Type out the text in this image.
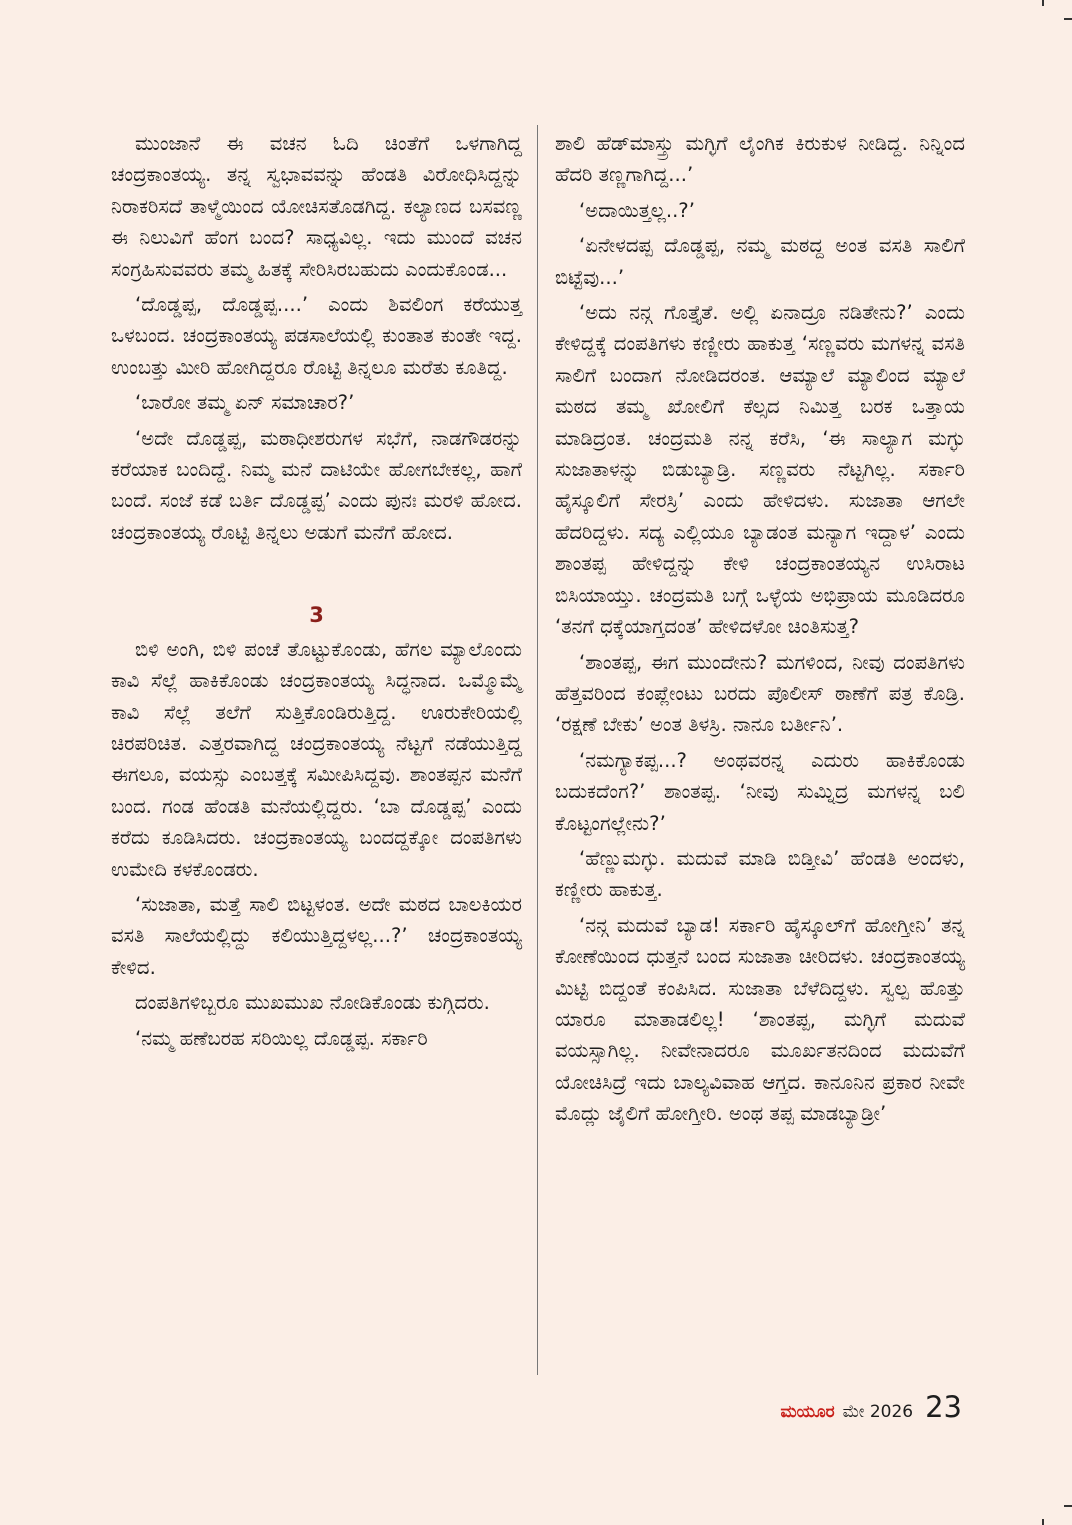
ಮುಂಜಾನೆ ಈ ವಚನ ಓದಿ ಚಿಂತೆಗೆ ಒಳಗಾಗಿದ್ದ ಚಂದ್ರಕಾಂತಯ್ಯ. ತನ್ನ ಸ್ವಭಾವವನ್ನು ಹೆಂಡತಿ ವಿರೋಧಿಸಿದ್ದನ್ನು ನಿರಾಕರಿಸದೆ ತಾಳ್ಮೆಯಿಂದ ಯೋಚಿಸತೊಡಗಿದ್ದ. ಕಲ್ಯಾಣದ ಬಸವಣ್ಣ ಈ ನಿಲುವಿಗೆ ಹೆಂಗ ಬಂದ? ಸಾಧ್ಯವಿಲ್ಲ. ಇದು ಮುಂದೆ ವಚನ ಸಂಗ್ರಹಿಸುವವರು ತಮ್ಮ ಹಿತಕ್ಕೆ ಸೇರಿಸಿರಬಹುದು ಎಂದುಕೊಂಡ...

‘ದೊಡ್ಡಪ್ಪ, ದೊಡ್ಡಪ್ಪ....’ ಎಂದು ಶಿವಲಿಂಗ ಕರೆಯುತ್ತ ಒಳಬಂದ. ಚಂದ್ರಕಾಂತಯ್ಯ ಪಡಸಾಲೆಯಲ್ಲಿ ಕುಂತಾತ ಕುಂತೇ ಇದ್ದ. ಉಂಬತ್ತು ಮೀರಿ ಹೋಗಿದ್ದರೂ ರೊಟ್ಟಿ ತಿನ್ನಲೂ ಮರೆತು ಕೂತಿದ್ದ.

‘ಬಾರೋ ತಮ್ಮ ಏನ್ ಸಮಾಚಾರ?’

‘ಅದೇ ದೊಡ್ಡಪ್ಪ, ಮಠಾಧೀಶರುಗಳ ಸಭೆಗೆ, ನಾಡಗೌಡರನ್ನು ಕರೆಯಾಕ ಬಂದಿದ್ದೆ. ನಿಮ್ಮ ಮನೆ ದಾಟಿಯೇ ಹೋಗಬೇಕಲ್ಲ, ಹಾಗೆ ಬಂದೆ. ಸಂಜೆ ಕಡೆ ಬರ್ತಿ ದೊಡ್ಡಪ್ಪ’ ಎಂದು ಪುನಃ ಮರಳಿ ಹೋದ. ಚಂದ್ರಕಾಂತಯ್ಯ ರೊಟ್ಟಿ ತಿನ್ನಲು ಅಡುಗೆ ಮನೆಗೆ ಹೋದ.

3

ಬಿಳಿ ಅಂಗಿ, ಬಿಳಿ ಪಂಚೆ ತೊಟ್ಟುಕೊಂಡು, ಹೆಗಲ ಮ್ಯಾಲೊಂದು ಕಾವಿ ಸೆಲ್ಲೆ ಹಾಕಿಕೊಂಡು ಚಂದ್ರಕಾಂತಯ್ಯ ಸಿದ್ಧನಾದ. ಒಮ್ಮೊಮ್ಮೆ ಕಾವಿ ಸೆಲ್ಲೆ ತಲೆಗೆ ಸುತ್ತಿಕೊಂಡಿರುತ್ತಿದ್ದ. ಊರುಕೇರಿಯಲ್ಲಿ ಚಿರಪರಿಚಿತ. ಎತ್ತರವಾಗಿದ್ದ ಚಂದ್ರಕಾಂತಯ್ಯ ನೆಟ್ಟಗೆ ನಡೆಯುತ್ತಿದ್ದ ಈಗಲೂ, ವಯಸ್ಸು ಎಂಬತ್ತಕ್ಕೆ ಸಮೀಪಿಸಿದ್ದವು. ಶಾಂತಪ್ಪನ ಮನೆಗೆ ಬಂದ. ಗಂಡ ಹೆಂಡತಿ ಮನೆಯಲ್ಲಿದ್ದರು. ‘ಬಾ ದೊಡ್ಡಪ್ಪ’ ಎಂದು ಕರೆದು ಕೂಡಿಸಿದರು. ಚಂದ್ರಕಾಂತಯ್ಯ ಬಂದದ್ದಕ್ಕೋ ದಂಪತಿಗಳು ಉಮೇದಿ ಕಳಕೊಂಡರು.

‘ಸುಜಾತಾ, ಮತ್ತೆ ಸಾಲಿ ಬಿಟ್ಟಳಂತ. ಅದೇ ಮಠದ ಬಾಲಕಿಯರ ವಸತಿ ಸಾಲೆಯಲ್ಲಿದ್ದು ಕಲಿಯುತ್ತಿದ್ದಳಲ್ಲ...?’ ಚಂದ್ರಕಾಂತಯ್ಯ ಕೇಳಿದ.

ದಂಪತಿಗಳಿಬ್ಬರೂ ಮುಖಮುಖ ನೋಡಿಕೊಂಡು ಕುಗ್ಗಿದರು.

‘ನಮ್ಮ ಹಣೆಬರಹ ಸರಿಯಿಲ್ಲ ದೊಡ್ಡಪ್ಪ. ಸರ್ಕಾರಿ

ಶಾಲಿ ಹೆಡ್‌ಮಾಸ್ತ್ರು ಮಗ್ಳಿಗೆ ಲೈಂಗಿಕ ಕಿರುಕುಳ ನೀಡಿದ್ದ. ನಿನ್ನಿಂದ ಹೆದರಿ ತಣ್ಣಗಾಗಿದ್ದ...’

‘ಅದಾಯಿತ್ತಲ್ಲ..?’

‘ಏನೇಳದಪ್ಪ ದೊಡ್ಡಪ್ಪ, ನಮ್ಮ ಮಠದ್ದ ಅಂತ ವಸತಿ ಸಾಲಿಗೆ ಬಿಟ್ಟೆವು...’

‘ಅದು ನನ್ಗ ಗೊತ್ತೈತೆ. ಅಲ್ಲಿ ಏನಾದ್ರೂ ನಡಿತೇನು?’ ಎಂದು ಕೇಳಿದ್ದಕ್ಕೆ ದಂಪತಿಗಳು ಕಣ್ಣೀರು ಹಾಕುತ್ತ ‘ಸಣ್ಣವರು ಮಗಳನ್ನ ವಸತಿ ಸಾಲಿಗೆ ಬಂದಾಗ ನೋಡಿದರಂತ. ಆಮ್ಯಾಲೆ ಮ್ಯಾಲಿಂದ ಮ್ಯಾಲೆ ಮಠದ ತಮ್ಮ ಖೋಲಿಗೆ ಕೆಲ್ಸದ ನಿಮಿತ್ತ ಬರಕ ಒತ್ತಾಯ ಮಾಡಿದ್ರಂತ. ಚಂದ್ರಮತಿ ನನ್ನ ಕರೆಸಿ, ‘ಈ ಸಾಲ್ಯಾಗ ಮಗ್ಳು ಸುಜಾತಾಳನ್ನು ಬಿಡುಬ್ಯಾಡ್ರಿ. ಸಣ್ಣವರು ನೆಟ್ಟಗಿಲ್ಲ. ಸರ್ಕಾರಿ ಹೈಸ್ಕೂಲಿಗೆ ಸೇರಸ್ರಿ’ ಎಂದು ಹೇಳಿದಳು. ಸುಜಾತಾ ಆಗಲೇ ಹೆದರಿದ್ದಳು. ಸದ್ಯ ಎಲ್ಲಿಯೂ ಬ್ಯಾಡಂತ ಮನ್ಯಾಗ ಇದ್ದಾಳ’ ಎಂದು ಶಾಂತಪ್ಪ ಹೇಳಿದ್ದನ್ನು ಕೇಳಿ ಚಂದ್ರಕಾಂತಯ್ಯನ ಉಸಿರಾಟ ಬಿಸಿಯಾಯ್ತು. ಚಂದ್ರಮತಿ ಬಗ್ಗೆ ಒಳ್ಳೆಯ ಅಭಿಪ್ರಾಯ ಮೂಡಿದರೂ ‘ತನಗೆ ಧಕ್ಕೆಯಾಗ್ತದಂತ’ ಹೇಳಿದಳೋ ಚಿಂತಿಸುತ್ತ?

‘ಶಾಂತಪ್ಪ, ಈಗ ಮುಂದೇನು? ಮಗಳಿಂದ, ನೀವು ದಂಪತಿಗಳು ಹೆತ್ತವರಿಂದ ಕಂಪ್ಲೇಂಟು ಬರದು ಪೊಲೀಸ್ ಠಾಣೆಗೆ ಪತ್ರ ಕೊಡ್ರಿ. ‘ರಕ್ಷಣೆ ಬೇಕು’ ಅಂತ ತಿಳಸ್ರಿ. ನಾನೂ ಬರ್ತೀನಿ’.

‘ನಮಗ್ಯಾಕಪ್ಪ...? ಅಂಥವರನ್ನ ಎದುರು ಹಾಕಿಕೊಂಡು ಬದುಕದೆಂಗ?’ ಶಾಂತಪ್ಪ. ‘ನೀವು ಸುಮ್ನಿದ್ರ ಮಗಳನ್ನ ಬಲಿ ಕೊಟ್ಟಂಗಲ್ಲೇನು?’

‘ಹೆಣ್ಣುಮಗ್ಳು. ಮದುವೆ ಮಾಡಿ ಬಿಡ್ತೀವಿ’ ಹೆಂಡತಿ ಅಂದಳು, ಕಣ್ಣೀರು ಹಾಕುತ್ತ.

‘ನನ್ಗ ಮದುವೆ ಬ್ಯಾಡ! ಸರ್ಕಾರಿ ಹೈಸ್ಕೂಲ್‌ಗೆ ಹೋಗ್ತೀನಿ’ ತನ್ನ ಕೋಣೆಯಿಂದ ಧುತ್ತನೆ ಬಂದ ಸುಜಾತಾ ಚೀರಿದಳು. ಚಂದ್ರಕಾಂತಯ್ಯ ಮಿಟ್ಟಿ ಬಿದ್ದಂತೆ ಕಂಪಿಸಿದ. ಸುಜಾತಾ ಬೆಳೆದಿದ್ದಳು. ಸ್ವಲ್ಪ ಹೊತ್ತು ಯಾರೂ ಮಾತಾಡಲಿಲ್ಲ! ‘ಶಾಂತಪ್ಪ, ಮಗ್ಳಿಗೆ ಮದುವೆ ವಯಸ್ಸಾಗಿಲ್ಲ. ನೀವೇನಾದರೂ ಮೂರ್ಖತನದಿಂದ ಮದುವೆಗೆ ಯೋಚಿಸಿದ್ರೆ ಇದು ಬಾಲ್ಯವಿವಾಹ ಆಗ್ತದ. ಕಾನೂನಿನ ಪ್ರಕಾರ ನೀವೇ ಮೊದ್ಲು ಜೈಲಿಗೆ ಹೋಗ್ತೀರಿ. ಅಂಥ ತಪ್ಪ ಮಾಡಬ್ಯಾಡ್ರೀ’

ಮಯೂರ ಮೇ 2026 23
